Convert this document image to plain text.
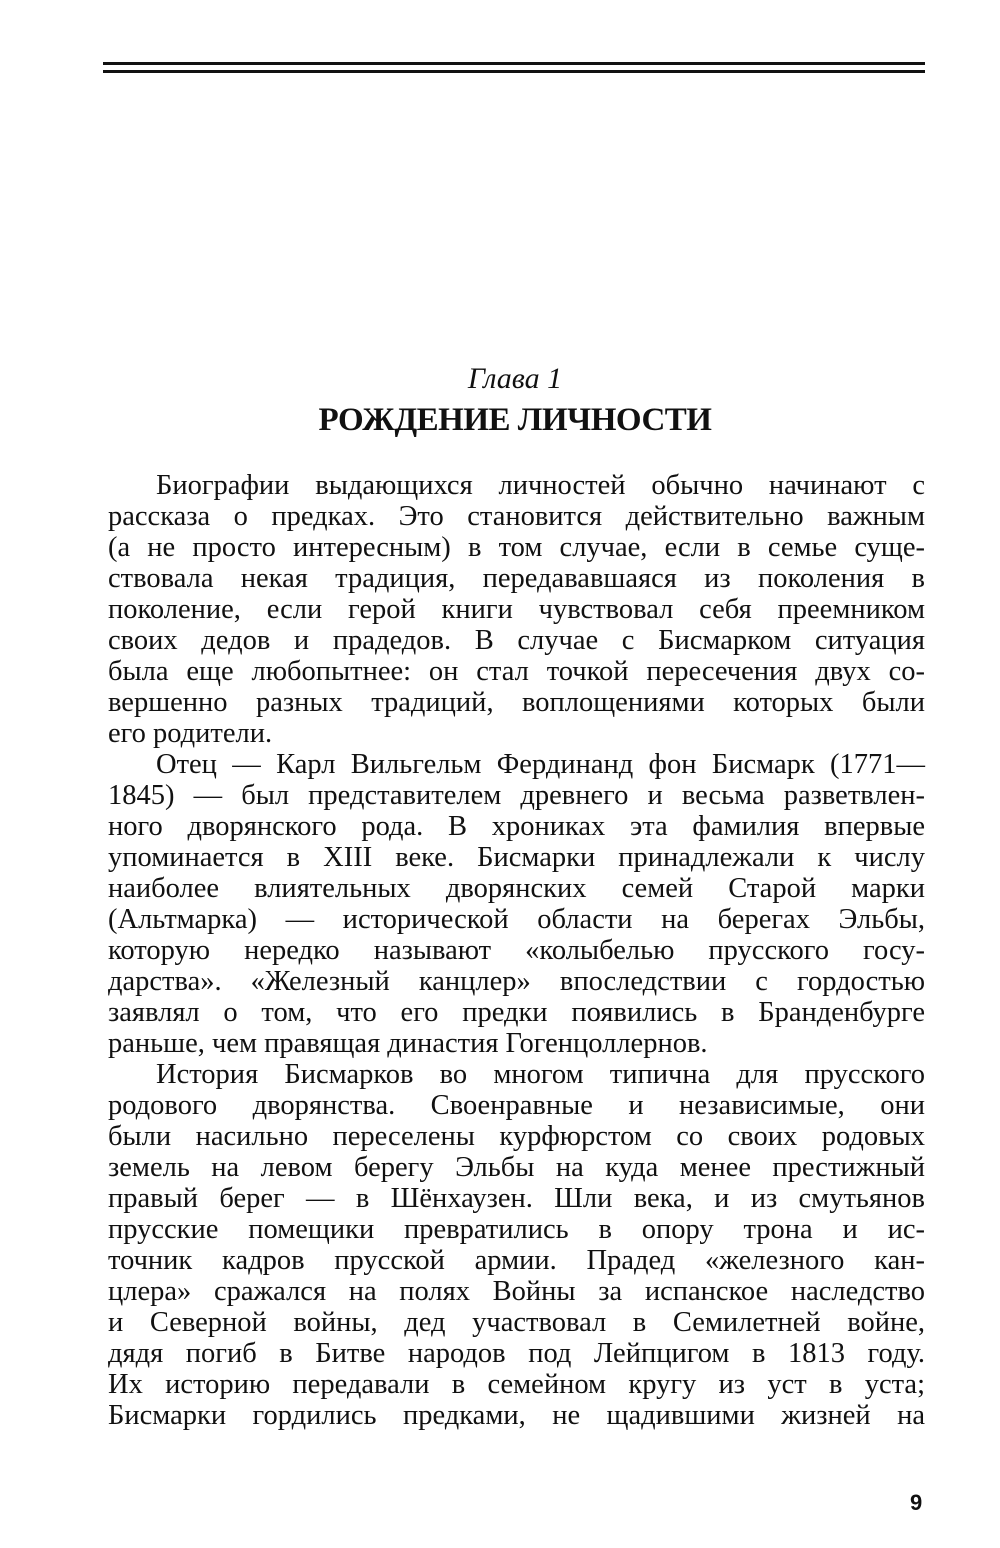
Глава 1
РОЖДЕНИЕ ЛИЧНОСТИ
Биографии выдающихся личностей обычно начинают с
рассказа о предках. Это становится действительно важным
(а не просто интересным) в том случае, если в семье суще-
ствовала некая традиция, передававшаяся из поколения в
поколение, если герой книги чувствовал себя преемником
своих дедов и прадедов. В случае с Бисмарком ситуация
была еще любопытнее: он стал точкой пересечения двух со-
вершенно разных традиций, воплощениями которых были
его родители.
Отец — Карл Вильгельм Фердинанд фон Бисмарк (1771—
1845) — был представителем древнего и весьма разветвлен-
ного дворянского рода. В хрониках эта фамилия впервые
упоминается в XIII веке. Бисмарки принадлежали к числу
наиболее влиятельных дворянских семей Старой марки
(Альтмарка) — исторической области на берегах Эльбы,
которую нередко называют «колыбелью прусского госу-
дарства». «Железный канцлер» впоследствии с гордостью
заявлял о том, что его предки появились в Бранденбурге
раньше, чем правящая династия Гогенцоллернов.
История Бисмарков во многом типична для прусского
родового дворянства. Своенравные и независимые, они
были насильно переселены курфюрстом со своих родовых
земель на левом берегу Эльбы на куда менее престижный
правый берег — в Шёнхаузен. Шли века, и из смутьянов
прусские помещики превратились в опору трона и ис-
точник кадров прусской армии. Прадед «железного кан-
цлера» сражался на полях Войны за испанское наследство
и Северной войны, дед участвовал в Семилетней войне,
дядя погиб в Битве народов под Лейпцигом в 1813 году.
Их историю передавали в семейном кругу из уст в уста;
Бисмарки гордились предками, не щадившими жизней на
9
